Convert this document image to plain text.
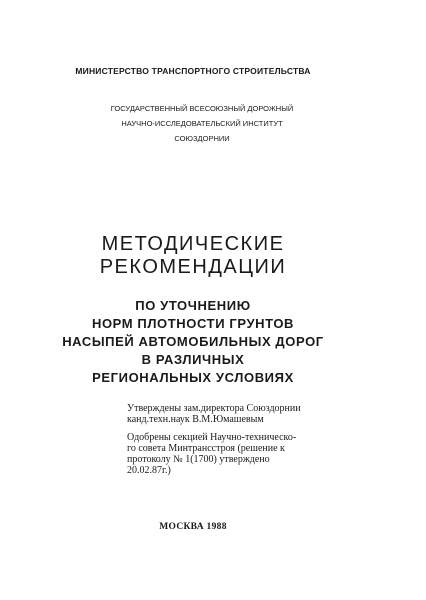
МИНИСТЕРСТВО ТРАНСПОРТНОГО СТРОИТЕЛЬСТВА
ГОСУДАРСТВЕННЫЙ ВСЕСОЮЗНЫЙ ДОРОЖНЫЙ
НАУЧНО-ИССЛЕДОВАТЕЛЬСКИЙ ИНСТИТУТ
СОЮЗДОРНИИ
МЕТОДИЧЕСКИЕ
РЕКОМЕНДАЦИИ
ПО УТОЧНЕНИЮ
НОРМ ПЛОТНОСТИ ГРУНТОВ
НАСЫПЕЙ АВТОМОБИЛЬНЫХ ДОРОГ
В РАЗЛИЧНЫХ
РЕГИОНАЛЬНЫХ УСЛОВИЯХ
Утверждены зам.директора Союздорнии
канд.техн.наук В.М.Юмашевым
Одобрены секцией Научно-техническо-
го совета Минтрансстроя (решение к
протоколу № 1(1700) утверждено
20.02.87г.)
МОСКВА 1988
